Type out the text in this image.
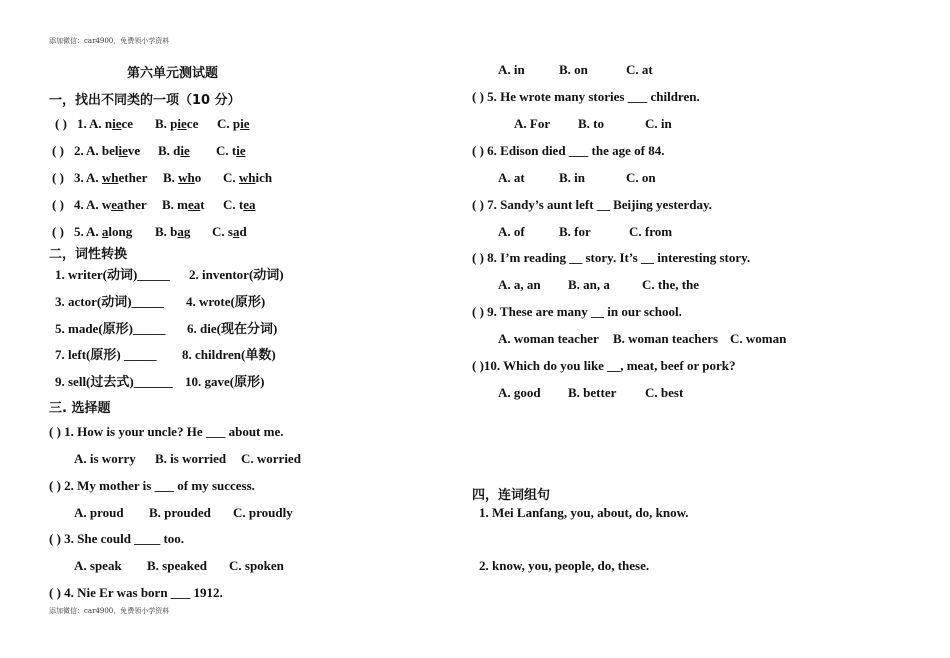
添加微信：car4900，免费领小学资料
添加微信：car4900，免费领小学资料
第六单元测试题
一，找出不同类的一项（10 分）
( ) 1. A. niece B. piece C. pie
( ) 2. A. believe B. die C. tie
( ) 3. A. whether B. who C. which
( ) 4. A. weather B. meat C. tea
( ) 5. A. along B. bag C. sad
二，词性转换
1. writer(动词)_____ 2. inventor(动词)
3. actor(动词)_____ 4. wrote(原形)
5. made(原形)_____ 6. die(现在分词)
7. left(原形) _____ 8. children(单数)
9. sell(过去式)______ 10. gave(原形)
三. 选择题
( ) 1. How is your uncle? He ___ about me.
A. is worry B. is worried C. worried
( ) 2. My mother is ___ of my success.
A. proud B. prouded C. proudly
( ) 3. She could ____ too.
A. speak B. speaked C. spoken
( ) 4. Nie Er was born ___ 1912.
A. in	B. on	C. at
( ) 5. He wrote many stories ___ children.
A. For B. to	C. in
( ) 6. Edison died ___ the age of 84.
A. at	B. in	C. on
( ) 7. Sandy’s aunt left __ Beijing yesterday.
A. of	B. for	C. from
( ) 8. I’m reading __ story. It’s __ interesting story.
A. a, an B. an, a C. the, the
( ) 9. These are many __ in our school.
A. woman teacher B. woman teachers C. woman
( )10. Which do you like __, meat, beef or pork?
A. good B. better C. best
四，连词组句
1. Mei Lanfang, you, about, do, know.
2. know, you, people, do, these.
